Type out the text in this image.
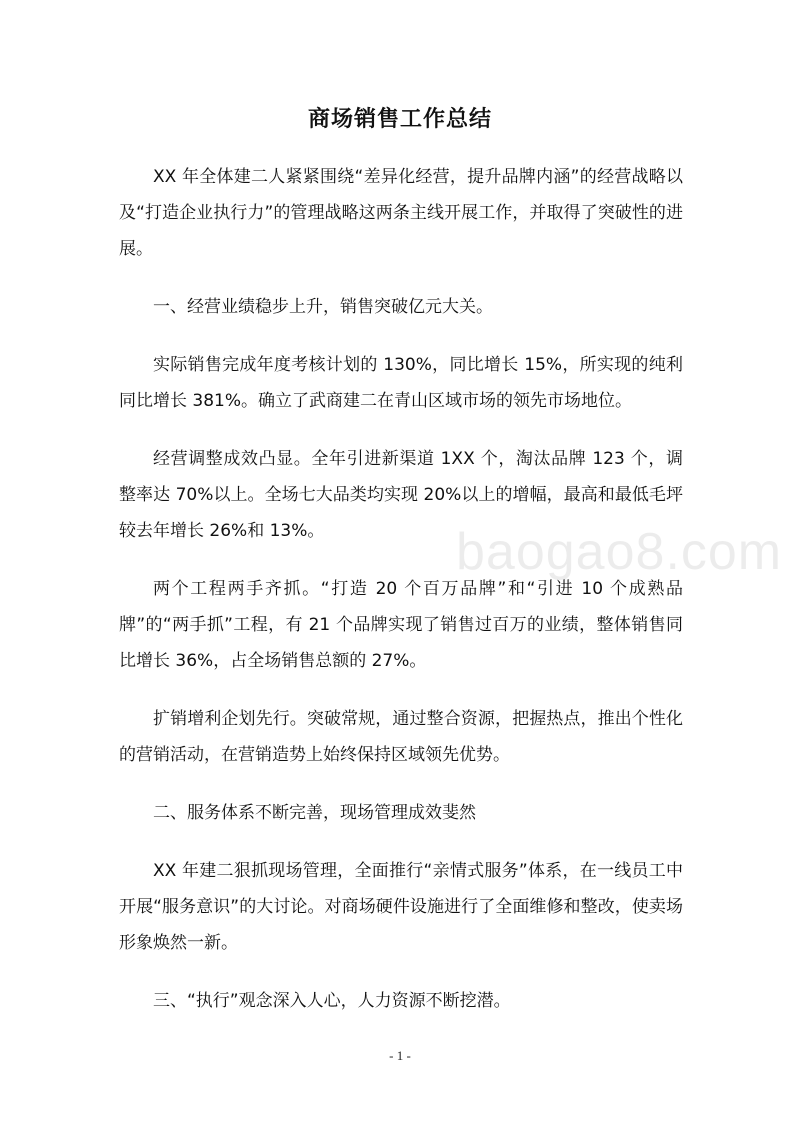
商场销售工作总结

XX 年全体建二人紧紧围绕“差异化经营，提升品牌内涵”的经营战略以及“打造企业执行力”的管理战略这两条主线开展工作，并取得了突破性的进展。

一、经营业绩稳步上升，销售突破亿元大关。

实际销售完成年度考核计划的 130%，同比增长 15%，所实现的纯利同比增长 381%。确立了武商建二在青山区域市场的领先市场地位。

经营调整成效凸显。全年引进新渠道 1XX 个，淘汰品牌 123 个，调整率达 70%以上。全场七大品类均实现 20%以上的增幅，最高和最低毛坪较去年增长 26%和 13%。

两个工程两手齐抓。“打造 20 个百万品牌”和“引进 10 个成熟品牌”的“两手抓”工程，有 21 个品牌实现了销售过百万的业绩，整体销售同比增长 36%，占全场销售总额的 27%。

扩销增利企划先行。突破常规，通过整合资源，把握热点，推出个性化的营销活动，在营销造势上始终保持区域领先优势。

二、服务体系不断完善，现场管理成效斐然

XX 年建二狠抓现场管理，全面推行“亲情式服务”体系，在一线员工中开展“服务意识”的大讨论。对商场硬件设施进行了全面维修和整改，使卖场形象焕然一新。

三、“执行”观念深入人心，人力资源不断挖潜。

baogao8.com
- 1 -
